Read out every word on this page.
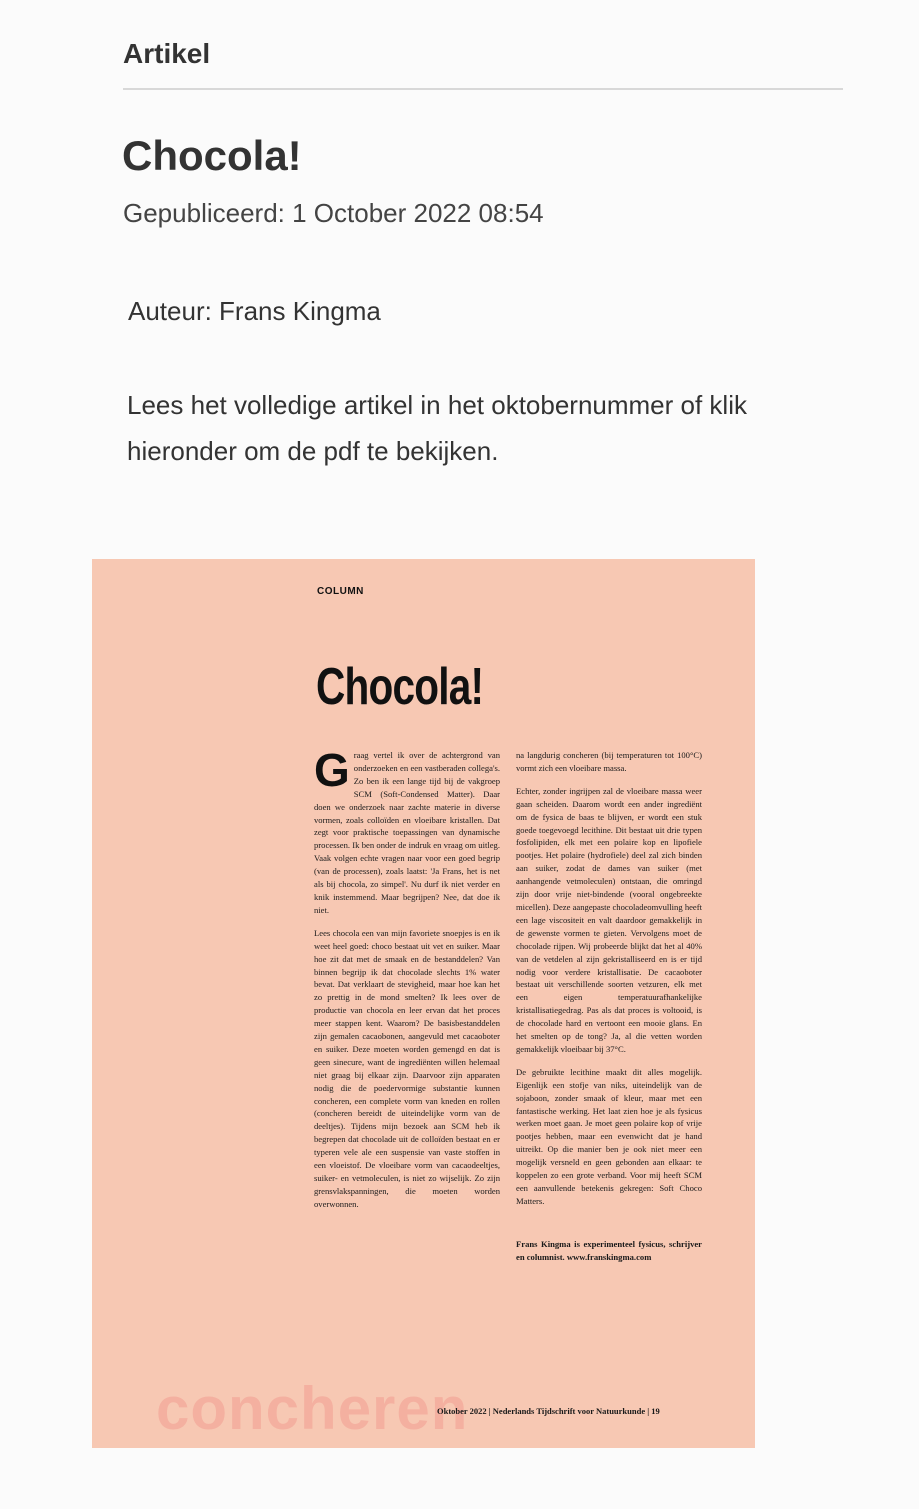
Artikel
Chocola!
Gepubliceerd: 1 October 2022 08:54
Auteur: Frans Kingma

Lees het volledige artikel in het oktobernummer of klik hieronder om de pdf te bekijken.

COLUMN
Chocola!

Graag vertel ik over de achtergrond van onderzoeken en een vastberaden collega's. Zo ben ik een lange tijd bij de vakgroep SCM (Soft-Condensed Matter). Daar doen we onderzoek naar zachte materie in diverse vormen, zoals colloïden en vloeibare kristallen. Dat zegt voor praktische toepassingen van dynamische processen. Ik ben onder de indruk en vraag om uitleg. Vaak volgen echte vragen naar voor een goed begrip (van de processen), zoals laatst: 'Ja Frans, het is net als bij chocola, zo simpel'. Nu durf ik niet verder en knik instemmend. Maar begrijpen? Nee, dat doe ik niet.

Lees chocola een van mijn favoriete snoepjes is en ik weet heel goed: choco bestaat uit vet en suiker. Maar hoe zit dat met de smaak en de bestanddelen? Van binnen begrijp ik dat chocolade slechts 1% water bevat. Dat verklaart de stevigheid, maar hoe kan het zo prettig in de mond smelten? Ik lees over de productie van chocola en leer ervan dat het proces meer stappen kent. Waarom? De basisbestanddelen zijn gemalen cacaobonen, aangevuld met cacaoboter en suiker. Deze moeten worden gemengd en dat is geen sinecure, want de ingrediënten willen helemaal niet graag bij elkaar zijn. Daarvoor zijn apparaten nodig die de poedervormige substantie kunnen concheren, een complete vorm van kneden en rollen (concheren bereidt de uiteindelijke vorm van de deeltjes). Tijdens mijn bezoek aan SCM heb ik begrepen dat chocolade uit de colloïden bestaat en er typeren vele ale een suspensie van vaste stoffen in een vloeistof. De vloeibare vorm van cacaodeeltjes, suiker- en vetmoleculen, is niet zo wijselijk. Zo zijn grensvlakspanningen, die moeten worden overwonnen.

na langdurig concheren (bij temperaturen tot 100°C) vormt zich een vloeibare massa.

Echter, zonder ingrijpen zal de vloeibare massa weer gaan scheiden. Daarom wordt een ander ingrediënt om de fysica de baas te blijven, er wordt een stuk goede toegevoegd lecithine. Dit bestaat uit drie typen fosfolipiden, elk met een polaire kop en lipofiele pootjes. Het polaire (hydrofiele) deel zal zich binden aan suiker, zodat de dames van suiker (met aanhangende vetmoleculen) ontstaan, die omringd zijn door vrije niet-bindende (vooral ongebreekte micellen). Deze aangepaste chocoladeomvulling heeft een lage viscositeit en valt daardoor gemakkelijk in de gewenste vormen te gieten. Vervolgens moet de chocolade rijpen. Wij probeerde blijkt dat het al 40% van de vetdelen al zijn gekristalliseerd en is er tijd nodig voor verdere kristallisatie. De cacaoboter bestaat uit verschillende soorten vetzuren, elk met een eigen temperatuurafhankelijke kristallisatiegedrag. Pas als dat proces is voltooid, is de chocolade hard en vertoont een mooie glans. En het smelten op de tong? Ja, al die vetten worden gemakkelijk vloeibaar bij 37°C.

De gebruikte lecithine maakt dit alles mogelijk. Eigenlijk een stofje van niks, uiteindelijk van de sojaboon, zonder smaak of kleur, maar met een fantastische werking. Het laat zien hoe je als fysicus werken moet gaan. Je moet geen polaire kop of vrije pootjes hebben, maar een evenwicht dat je hand uitreikt. Op die manier ben je ook niet meer een mogelijk versneld en geen gebonden aan elkaar: te koppelen zo een grote verband. Voor mij heeft SCM een aanvullende betekenis gekregen: Soft Choco Matters.

Frans Kingma is experimenteel fysicus, schrijver en columnist. www.franskingma.com

concheren
Oktober 2022 | Nederlands Tijdschrift voor Natuurkunde | 19
